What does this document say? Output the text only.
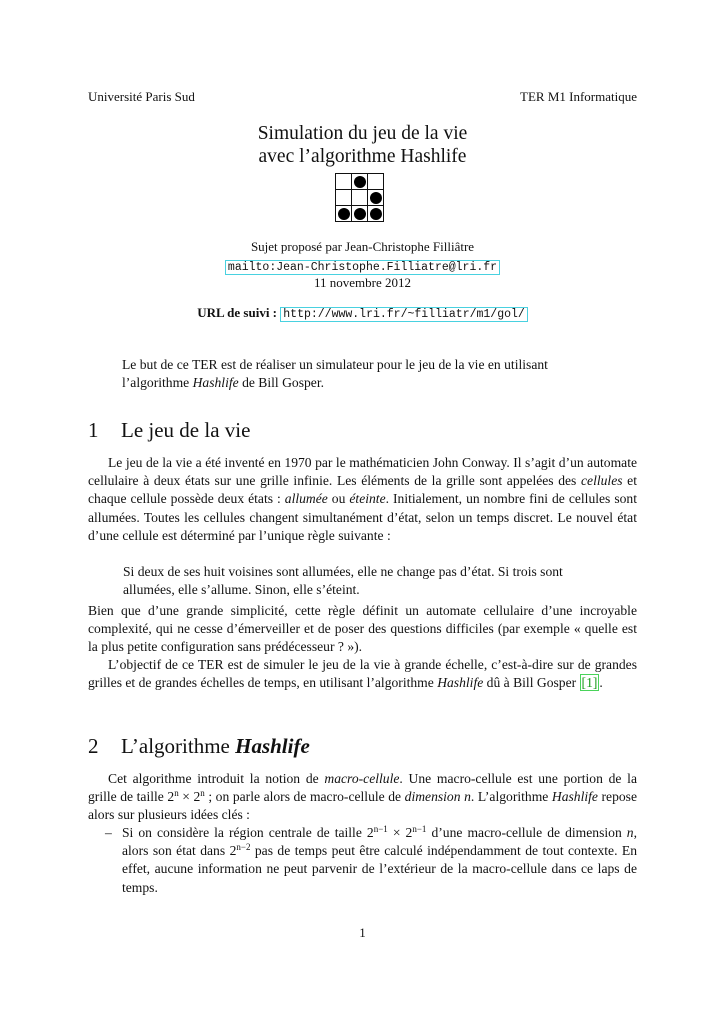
Université Paris Sud	TER M1 Informatique
Simulation du jeu de la vie
avec l’algorithme Hashlife

Sujet proposé par Jean-Christophe Filliâtre
mailto:Jean-Christophe.Filliatre@lri.fr
11 novembre 2012
URL de suivi : http://www.lri.fr/~filliatr/m1/gol/
Le but de ce TER est de réaliser un simulateur pour le jeu de la vie en utilisant l’algorithme Hashlife de Bill Gosper.
1 Le jeu de la vie

Le jeu de la vie a été inventé en 1970 par le mathématicien John Conway. Il s’agit d’un automate cellulaire à deux états sur une grille infinie. Les éléments de la grille sont appelées des cellules et chaque cellule possède deux états : allumée ou éteinte. Initialement, un nombre fini de cellules sont allumées. Toutes les cellules changent simultanément d’état, selon un temps discret. Le nouvel état d’une cellule est déterminé par l’unique règle suivante :

Si deux de ses huit voisines sont allumées, elle ne change pas d’état. Si trois sont allumées, elle s’allume. Sinon, elle s’éteint.

Bien que d’une grande simplicité, cette règle définit un automate cellulaire d’une incroyable complexité, qui ne cesse d’émerveiller et de poser des questions difficiles (par exemple « quelle est la plus petite configuration sans prédécesseur ? »).

L’objectif de ce TER est de simuler le jeu de la vie à grande échelle, c’est-à-dire sur de grandes grilles et de grandes échelles de temps, en utilisant l’algorithme Hashlife dû à Bill Gosper [1] .

2 L’algorithme Hashlife

Cet algorithme introduit la notion de macro-cellule. Une macro-cellule est une portion de la grille de taille $2^n \times 2^n$ ; on parle alors de macro-cellule de dimension n. L’algorithme Hashlife repose alors sur plusieurs idées clés :

– Si on considère la région centrale de taille $2^{n-1} \times 2^{n-1}$ d’une macro-cellule de dimension n, alors son état dans $2^{n-2}$ pas de temps peut être calculé indépendamment de tout contexte. En effet, aucune information ne peut parvenir de l’extérieur de la macro-cellule dans ce laps de temps.
1
